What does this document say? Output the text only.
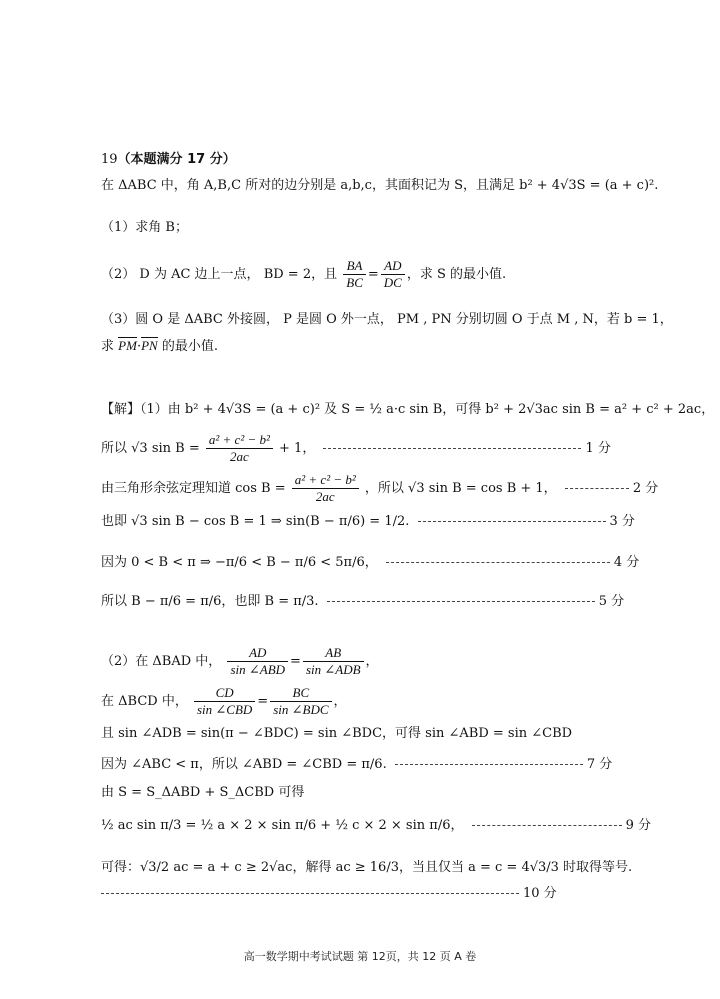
19（本题满分 17 分）
在 ΔABC 中，角 A,B,C 所对的边分别是 a,b,c，其面积记为 S，且满足 b² + 4√3S = (a + c)².
（1）求角 B；
（2） D 为 AC 边上一点， BD = 2，且 $\frac{BA}{BC} = \frac{AD}{DC}$ ，求 S 的最小值.
（3）圆 O 是 ΔABC 外接圆， P 是圆 O 外一点， PM , PN 分别切圆 O 于点 M , N，若 b = 1，
求 PM·PN 的最小值.
【解】（1）由 b² + 4√3S = (a + c)² 及 S = ½ a·c sin B，可得 b² + 2√3ac sin B = a² + c² + 2ac，
所以 √3 $\sin B = \frac{\text{a² + c² − b²}}{2ac} + 1$，	1 分
由三角形余弦定理知道 $\cos B = \frac{\text{a² + c² − b²}}{2ac}$ ，所以 √3 sin B = cos B + 1，	2 分
也即 √3 sin B − cos B = 1 ⇒ sin(B − π/6) = 1/2.	3 分
因为 0 < B < π ⇒ −π/6 < B − π/6 < 5π/6，	4 分
所以 B − π/6 = π/6，也即 B = π/3.	5 分
（2）在 ΔBAD 中， $\frac{AD}{\text{sin ∠ABD}} = \frac{AB}{\text{sin ∠ADB}}$ ，
在 ΔBCD 中， $\frac{CD}{\text{sin ∠CBD}} = \frac{BC}{\text{sin ∠BDC}}$ ，
且 sin ∠ADB = sin(π − ∠BDC) = sin ∠BDC，可得 sin ∠ABD = sin ∠CBD
因为 ∠ABC < π，所以 ∠ABD = ∠CBD = π/6.	7 分
由 S = S_ΔABD + S_ΔCBD 可得
½ ac sin π/3 = ½ a × 2 × sin π/6 + ½ c × 2 × sin π/6，	9 分
可得：√3/2 ac = a + c ≥ 2√ac，解得 ac ≥ 16/3，当且仅当 a = c = 4√3/3 时取得等号.
10 分
高一数学期中考试试题 第 12页，共 12 页 A 卷
